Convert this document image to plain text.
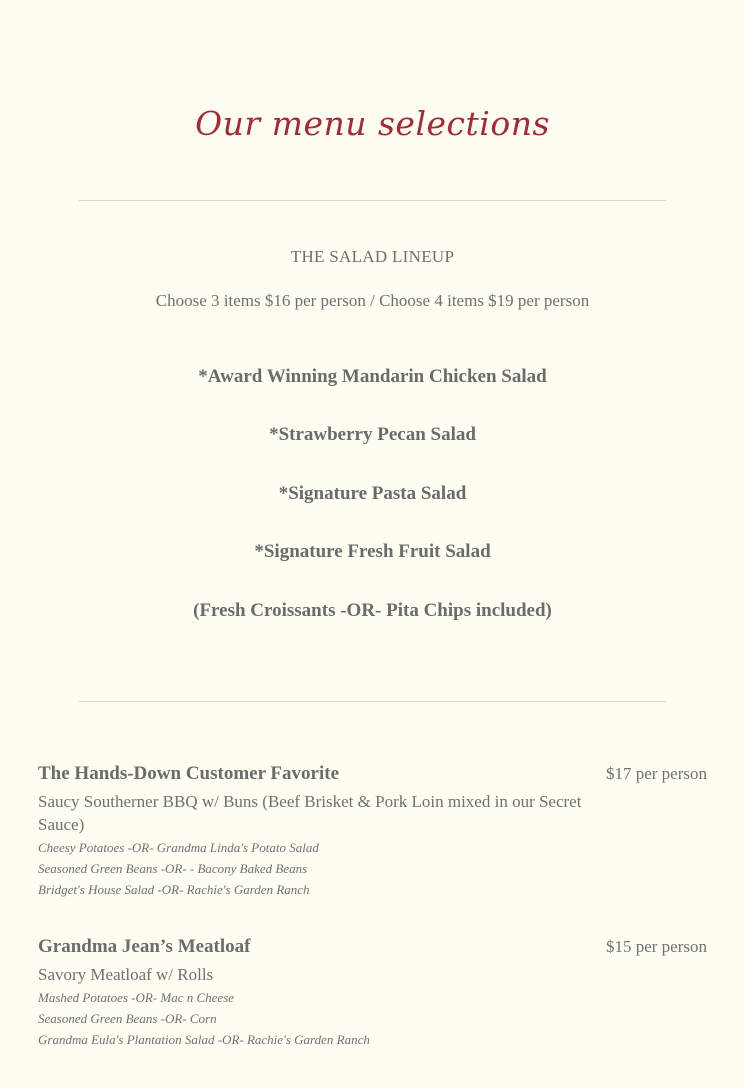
Our menu selections
THE SALAD LINEUP
Choose 3 items $16 per person / Choose 4 items $19 per person
*Award Winning Mandarin Chicken Salad
*Strawberry Pecan Salad
*Signature Pasta Salad
*Signature Fresh Fruit Salad
(Fresh Croissants -OR- Pita Chips included)
The Hands-Down Customer Favorite	$17 per person
Saucy Southerner BBQ w/ Buns (Beef Brisket & Pork Loin mixed in our Secret Sauce)
Cheesy Potatoes -OR- Grandma Linda's Potato Salad
Seasoned Green Beans -OR- - Bacony Baked Beans
Bridget's House Salad -OR- Rachie's Garden Ranch
Grandma Jean’s Meatloaf	$15 per person
Savory Meatloaf w/ Rolls
Mashed Potatoes -OR- Mac n Cheese
Seasoned Green Beans -OR- Corn
Grandma Eula's Plantation Salad -OR- Rachie's Garden Ranch
